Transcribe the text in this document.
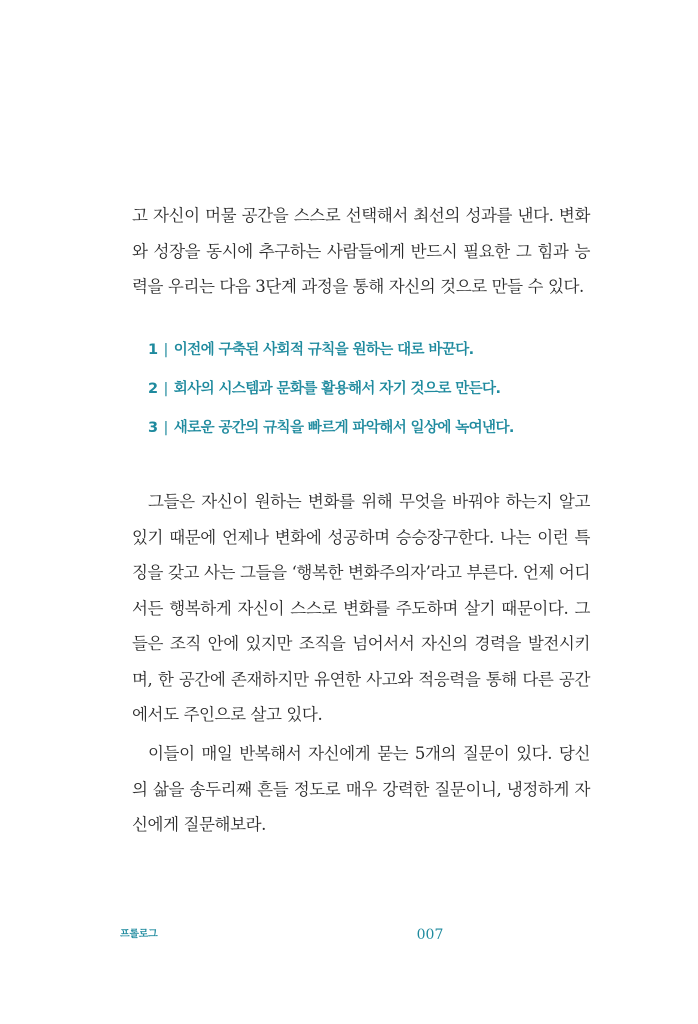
고 자신이 머물 공간을 스스로 선택해서 최선의 성과를 낸다. 변화와 성장을 동시에 추구하는 사람들에게 반드시 필요한 그 힘과 능력을 우리는 다음 3단계 과정을 통해 자신의 것으로 만들 수 있다.

1 | 이전에 구축된 사회적 규칙을 원하는 대로 바꾼다.
2 | 회사의 시스템과 문화를 활용해서 자기 것으로 만든다.
3 | 새로운 공간의 규칙을 빠르게 파악해서 일상에 녹여낸다.

그들은 자신이 원하는 변화를 위해 무엇을 바꿔야 하는지 알고 있기 때문에 언제나 변화에 성공하며 승승장구한다. 나는 이런 특징을 갖고 사는 그들을 ‘행복한 변화주의자’라고 부른다. 언제 어디서든 행복하게 자신이 스스로 변화를 주도하며 살기 때문이다. 그들은 조직 안에 있지만 조직을 넘어서서 자신의 경력을 발전시키며, 한 공간에 존재하지만 유연한 사고와 적응력을 통해 다른 공간에서도 주인으로 살고 있다.

이들이 매일 반복해서 자신에게 묻는 5개의 질문이 있다. 당신의 삶을 송두리째 흔들 정도로 매우 강력한 질문이니, 냉정하게 자신에게 질문해보라.

프롤로그	007
